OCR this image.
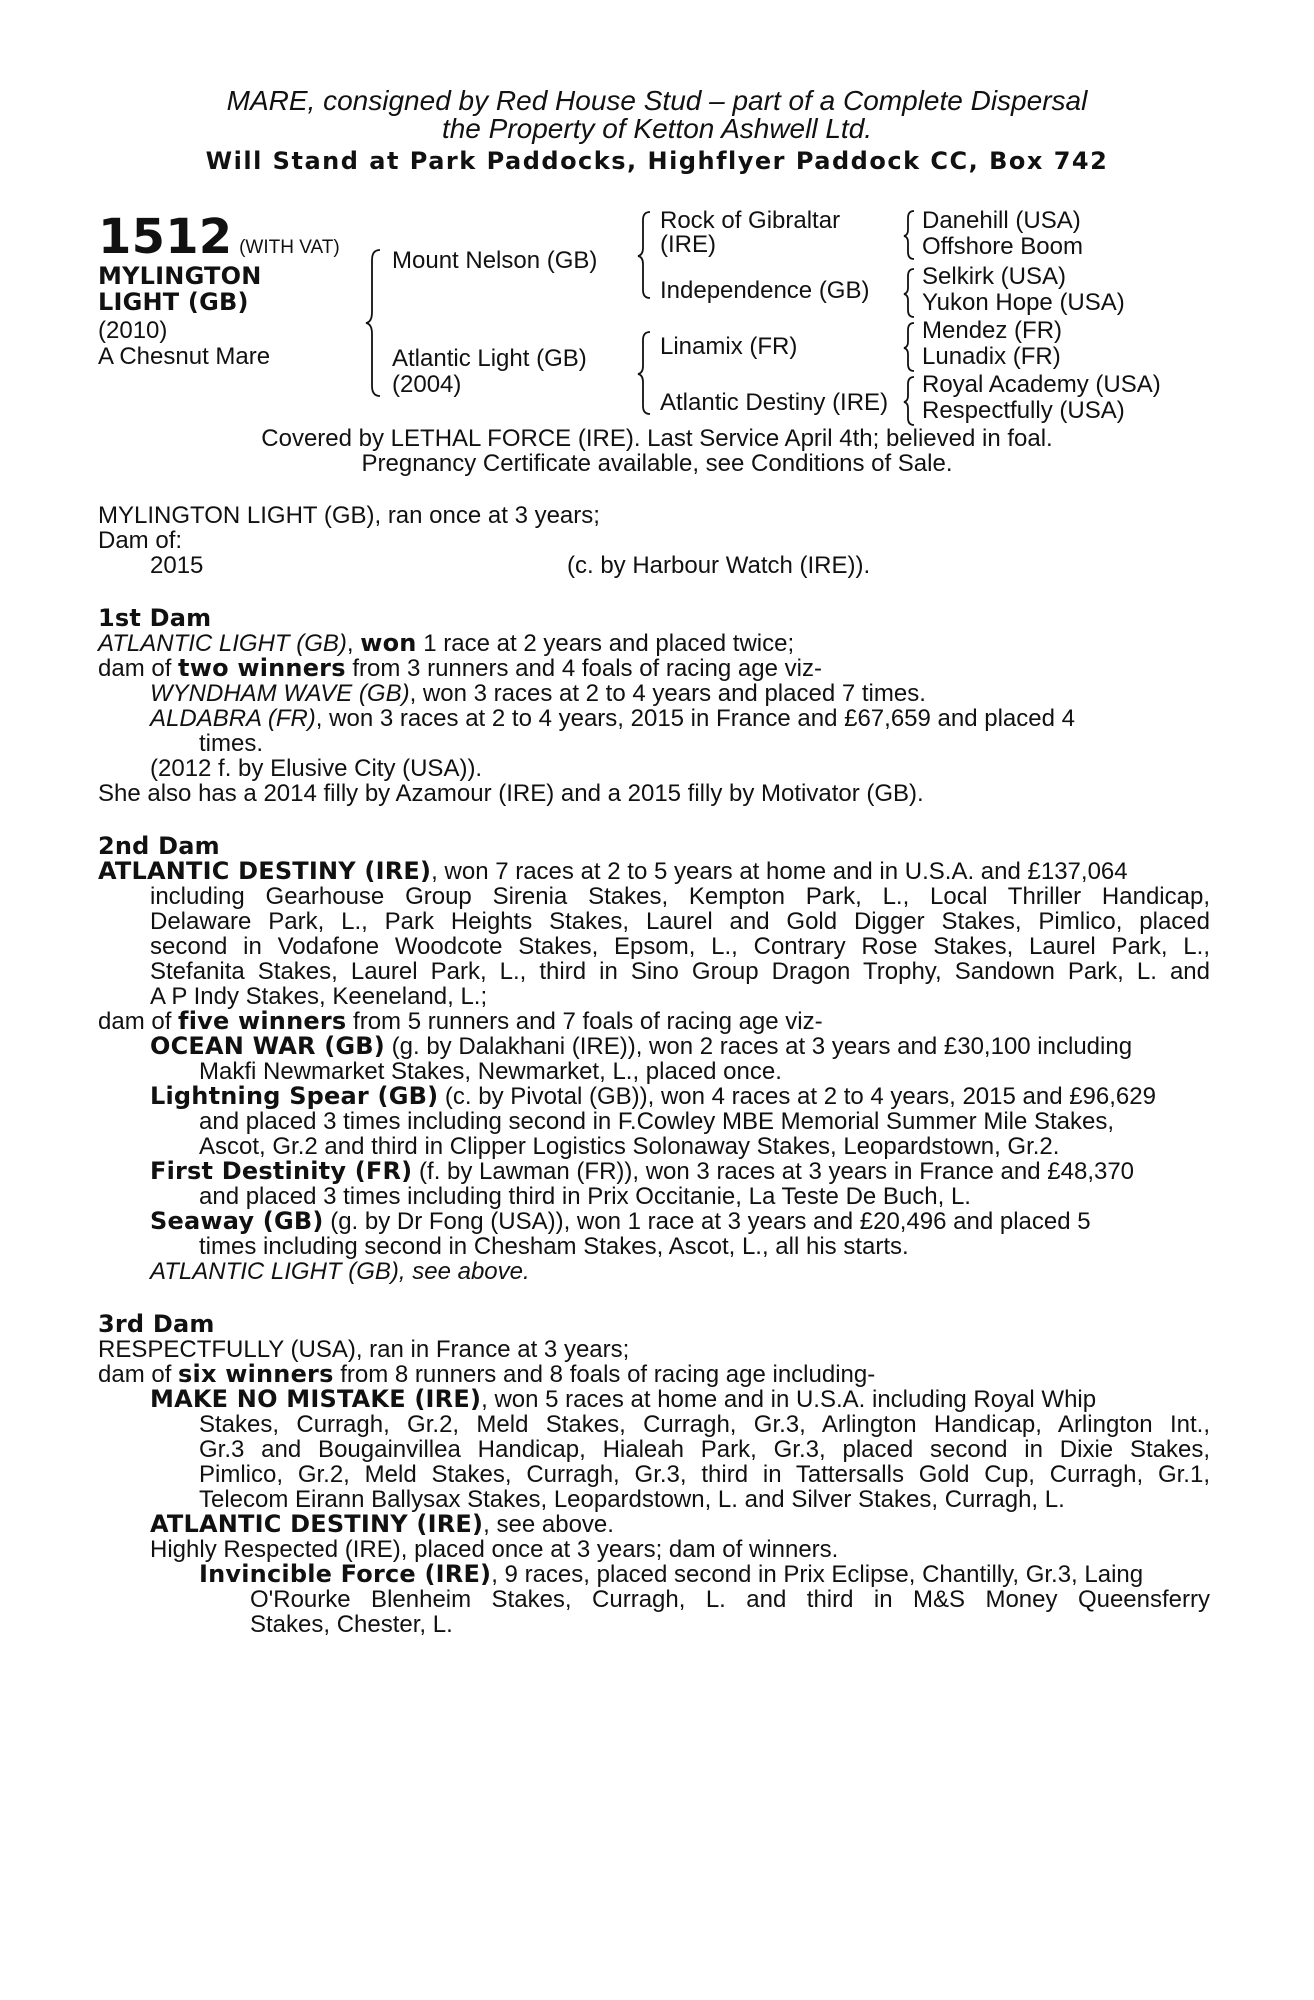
MARE, consigned by Red House Stud – part of a Complete Dispersal
the Property of Ketton Ashwell Ltd.
Will Stand at Park Paddocks, Highflyer Paddock CC, Box 742
1512 (WITH VAT)
MYLINGTON
LIGHT (GB)
(2010)
A Chesnut Mare
Mount Nelson (GB)
Atlantic Light (GB)
(2004)
Rock of Gibraltar
(IRE)
Independence (GB)
Linamix (FR)
Atlantic Destiny (IRE)
Danehill (USA)
Offshore Boom
Selkirk (USA)
Yukon Hope (USA)
Mendez (FR)
Lunadix (FR)
Royal Academy (USA)
Respectfully (USA)
Covered by LETHAL FORCE (IRE). Last Service April 4th; believed in foal.
Pregnancy Certificate available, see Conditions of Sale.
MYLINGTON LIGHT (GB), ran once at 3 years;
Dam of:
2015	(c. by Harbour Watch (IRE)).
1st Dam
ATLANTIC LIGHT (GB), won 1 race at 2 years and placed twice;
dam of two winners from 3 runners and 4 foals of racing age viz-
WYNDHAM WAVE (GB), won 3 races at 2 to 4 years and placed 7 times.
ALDABRA (FR), won 3 races at 2 to 4 years, 2015 in France and £67,659 and placed 4
times.
(2012 f. by Elusive City (USA)).
She also has a 2014 filly by Azamour (IRE) and a 2015 filly by Motivator (GB).
2nd Dam
ATLANTIC DESTINY (IRE), won 7 races at 2 to 5 years at home and in U.S.A. and £137,064
including Gearhouse Group Sirenia Stakes, Kempton Park, L., Local Thriller Handicap,
Delaware Park, L., Park Heights Stakes, Laurel and Gold Digger Stakes, Pimlico, placed
second in Vodafone Woodcote Stakes, Epsom, L., Contrary Rose Stakes, Laurel Park, L.,
Stefanita Stakes, Laurel Park, L., third in Sino Group Dragon Trophy, Sandown Park, L. and
A P Indy Stakes, Keeneland, L.;
dam of five winners from 5 runners and 7 foals of racing age viz-
OCEAN WAR (GB) (g. by Dalakhani (IRE)), won 2 races at 3 years and £30,100 including
Makfi Newmarket Stakes, Newmarket, L., placed once.
Lightning Spear (GB) (c. by Pivotal (GB)), won 4 races at 2 to 4 years, 2015 and £96,629
and placed 3 times including second in F.Cowley MBE Memorial Summer Mile Stakes,
Ascot, Gr.2 and third in Clipper Logistics Solonaway Stakes, Leopardstown, Gr.2.
First Destinity (FR) (f. by Lawman (FR)), won 3 races at 3 years in France and £48,370
and placed 3 times including third in Prix Occitanie, La Teste De Buch, L.
Seaway (GB) (g. by Dr Fong (USA)), won 1 race at 3 years and £20,496 and placed 5
times including second in Chesham Stakes, Ascot, L., all his starts.
ATLANTIC LIGHT (GB), see above.
3rd Dam
RESPECTFULLY (USA), ran in France at 3 years;
dam of six winners from 8 runners and 8 foals of racing age including-
MAKE NO MISTAKE (IRE), won 5 races at home and in U.S.A. including Royal Whip
Stakes, Curragh, Gr.2, Meld Stakes, Curragh, Gr.3, Arlington Handicap, Arlington Int.,
Gr.3 and Bougainvillea Handicap, Hialeah Park, Gr.3, placed second in Dixie Stakes,
Pimlico, Gr.2, Meld Stakes, Curragh, Gr.3, third in Tattersalls Gold Cup, Curragh, Gr.1,
Telecom Eirann Ballysax Stakes, Leopardstown, L. and Silver Stakes, Curragh, L.
ATLANTIC DESTINY (IRE), see above.
Highly Respected (IRE), placed once at 3 years; dam of winners.
Invincible Force (IRE), 9 races, placed second in Prix Eclipse, Chantilly, Gr.3, Laing
O'Rourke Blenheim Stakes, Curragh, L. and third in M&S Money Queensferry
Stakes, Chester, L.
